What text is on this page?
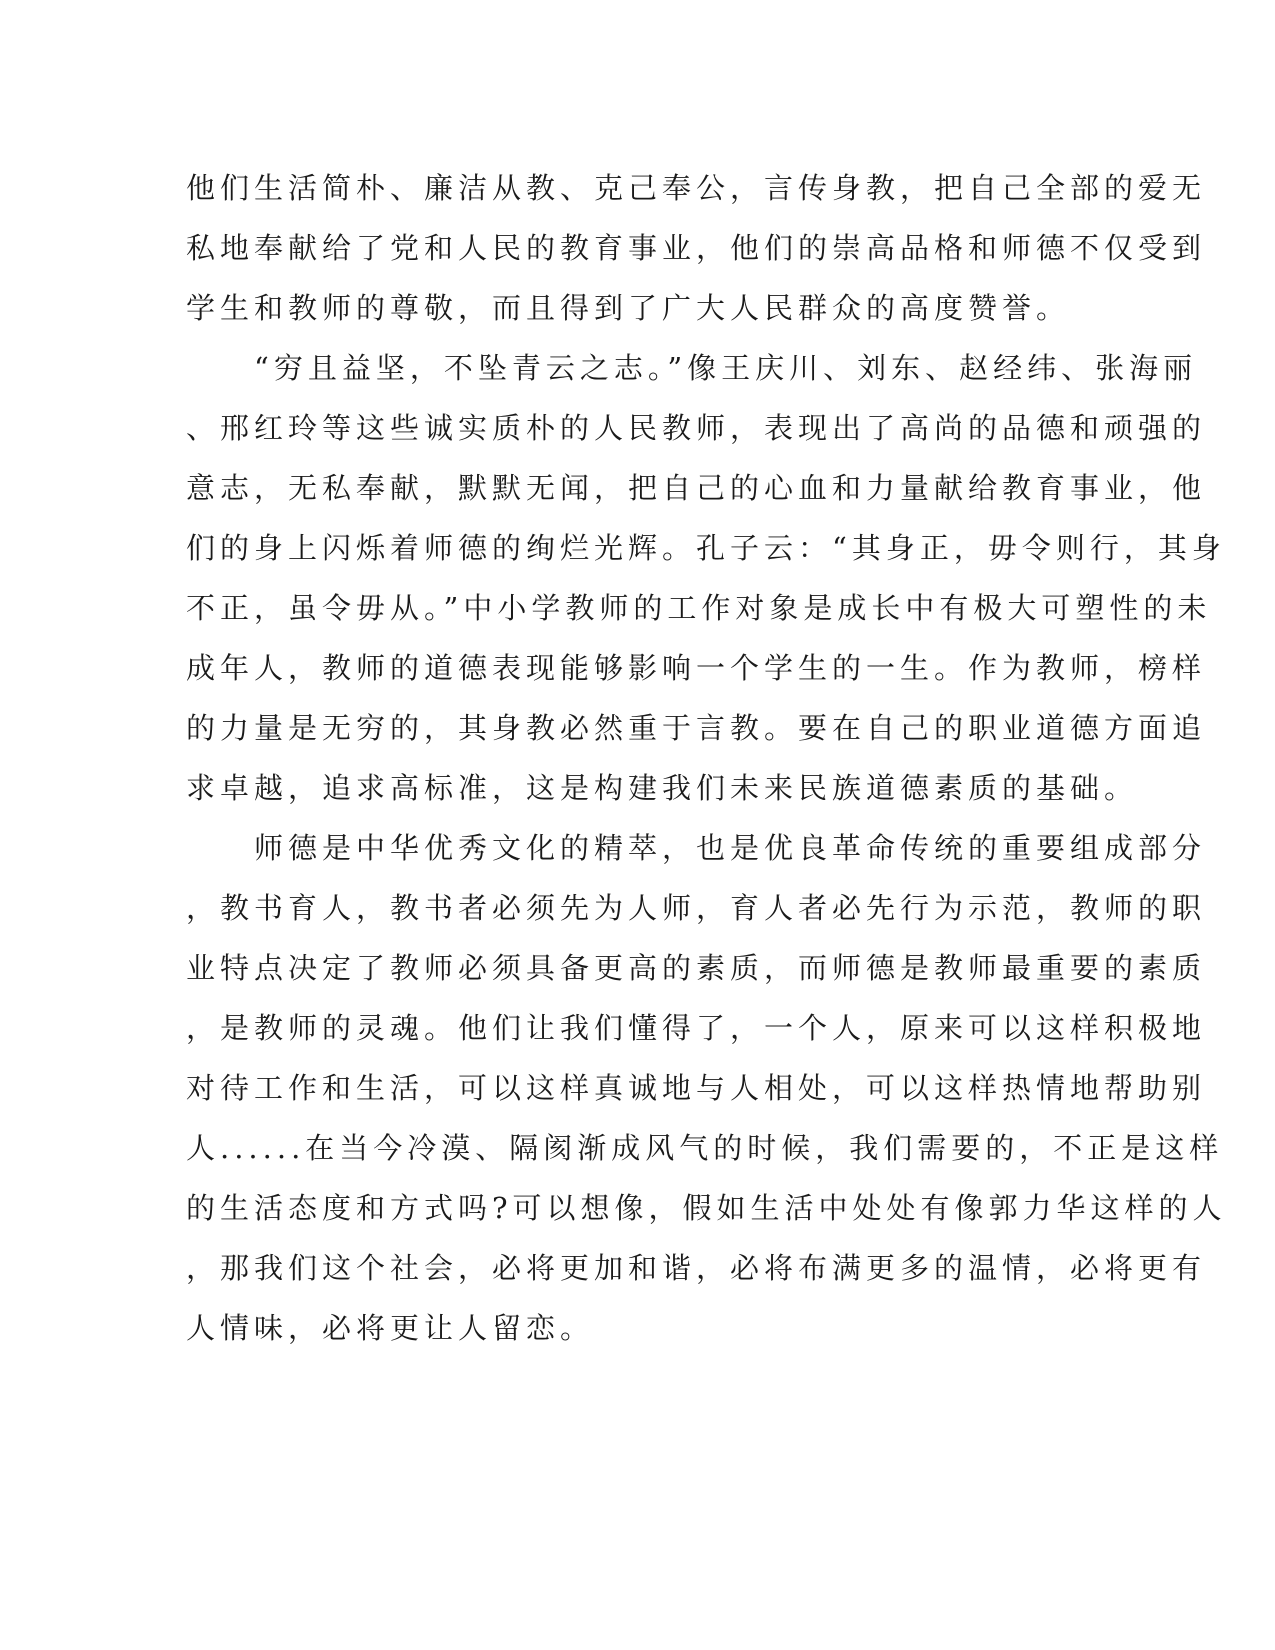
他们生活简朴、廉洁从教、克己奉公，言传身教，把自己全部的爱无
私地奉献给了党和人民的教育事业，他们的崇高品格和师德不仅受到
学生和教师的尊敬，而且得到了广大人民群众的高度赞誉。
　　“穷且益坚，不坠青云之志。”像王庆川、刘东、赵经纬、张海丽
、邢红玲等这些诚实质朴的人民教师，表现出了高尚的品德和顽强的
意志，无私奉献，默默无闻，把自己的心血和力量献给教育事业，他
们的身上闪烁着师德的绚烂光辉。孔子云：“其身正，毋令则行，其身
不正，虽令毋从。”中小学教师的工作对象是成长中有极大可塑性的未
成年人，教师的道德表现能够影响一个学生的一生。作为教师，榜样
的力量是无穷的，其身教必然重于言教。要在自己的职业道德方面追
求卓越，追求高标准，这是构建我们未来民族道德素质的基础。
　　师德是中华优秀文化的精萃，也是优良革命传统的重要组成部分
，教书育人，教书者必须先为人师，育人者必先行为示范，教师的职
业特点决定了教师必须具备更高的素质，而师德是教师最重要的素质
，是教师的灵魂。他们让我们懂得了，一个人，原来可以这样积极地
对待工作和生活，可以这样真诚地与人相处，可以这样热情地帮助别
人......在当今冷漠、隔阂渐成风气的时候，我们需要的，不正是这样
的生活态度和方式吗?可以想像，假如生活中处处有像郭力华这样的人
，那我们这个社会，必将更加和谐，必将布满更多的温情，必将更有
人情味，必将更让人留恋。
